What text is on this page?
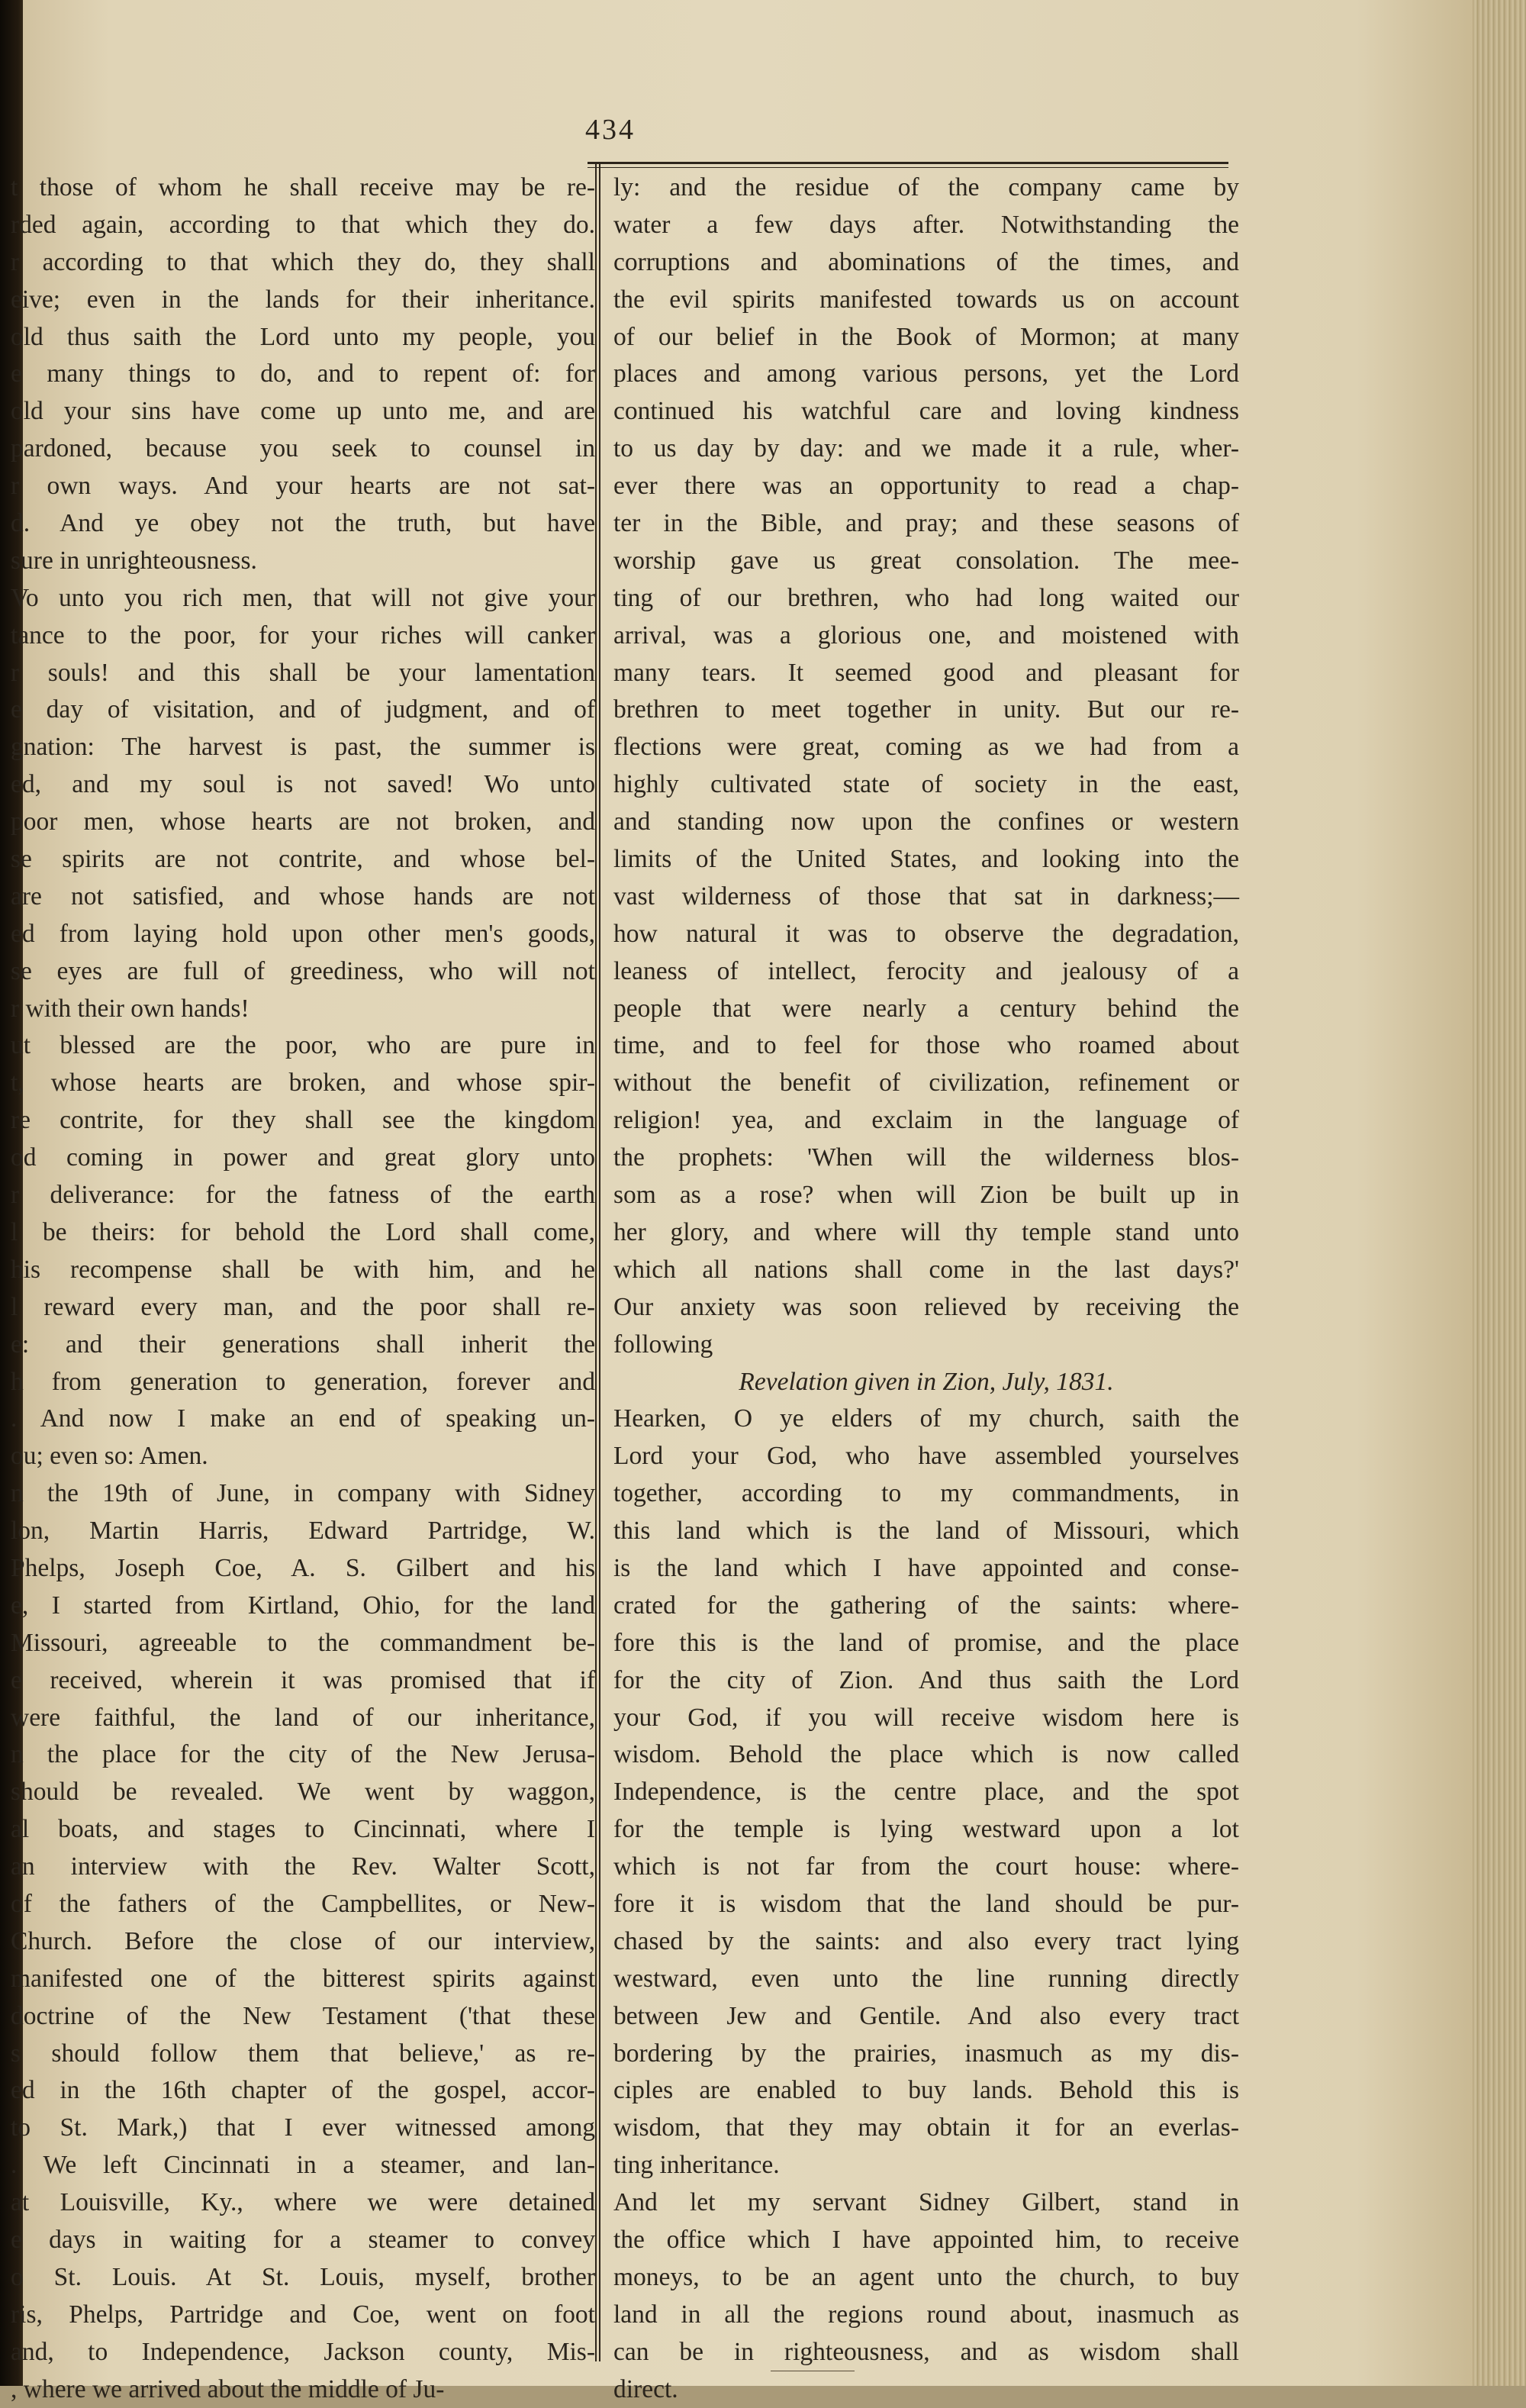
434
t those of whom he shall receive may be re-
rded again, according to that which they do.
r according to that which they do, they shall
eive; even in the lands for their inheritance.
old thus saith the Lord unto my people, you
e many things to do, and to repent of: for
old your sins have come up unto me, and are
pardoned, because you seek to counsel in
r own ways. And your hearts are not sat-
d. And ye obey not the truth, but have
sure in unrighteousness.
Vo unto you rich men, that will not give your
tance to the poor, for your riches will canker
r souls! and this shall be your lamentation
e day of visitation, and of judgment, and of
gnation: The harvest is past, the summer is
ed, and my soul is not saved! Wo unto
poor men, whose hearts are not broken, and
se spirits are not contrite, and whose bel-
are not satisfied, and whose hands are not
ed from laying hold upon other men's goods,
se eyes are full of greediness, who will not
r with their own hands!
ut blessed are the poor, who are pure in
t, whose hearts are broken, and whose spir-
re contrite, for they shall see the kingdom
od coming in power and great glory unto
r deliverance: for the fatness of the earth
l be theirs: for behold the Lord shall come,
his recompense shall be with him, and he
l reward every man, and the poor shall re-
e: and their generations shall inherit the
h from generation to generation, forever and
. And now I make an end of speaking un-
ou; even so: Amen.
n the 19th of June, in company with Sidney
lon, Martin Harris, Edward Partridge, W.
Phelps, Joseph Coe, A. S. Gilbert and his
e, I started from Kirtland, Ohio, for the land
Missouri, agreeable to the commandment be-
e received, wherein it was promised that if
were faithful, the land of our inheritance,
n the place for the city of the New Jerusa-
should be revealed. We went by waggon,
al boats, and stages to Cincinnati, where I
an interview with the Rev. Walter Scott,
of the fathers of the Campbellites, or New-
Church. Before the close of our interview,
manifested one of the bitterest spirits against
doctrine of the New Testament ('that these
s should follow them that believe,' as re-
ed in the 16th chapter of the gospel, accor-
to St. Mark,) that I ever witnessed among
. We left Cincinnati in a steamer, and lan-
at Louisville, Ky., where we were detained
e days in waiting for a steamer to convey
o St. Louis. At St. Louis, myself, brother
ris, Phelps, Partridge and Coe, went on foot
and, to Independence, Jackson county, Mis-
, where we arrived about the middle of Ju-
ly: and the residue of the company came by
water a few days after. Notwithstanding the
corruptions and abominations of the times, and
the evil spirits manifested towards us on account
of our belief in the Book of Mormon; at many
places and among various persons, yet the Lord
continued his watchful care and loving kindness
to us day by day: and we made it a rule, wher-
ever there was an opportunity to read a chap-
ter in the Bible, and pray; and these seasons of
worship gave us great consolation. The mee-
ting of our brethren, who had long waited our
arrival, was a glorious one, and moistened with
many tears. It seemed good and pleasant for
brethren to meet together in unity. But our re-
flections were great, coming as we had from a
highly cultivated state of society in the east,
and standing now upon the confines or western
limits of the United States, and looking into the
vast wilderness of those that sat in darkness;—
how natural it was to observe the degradation,
leaness of intellect, ferocity and jealousy of a
people that were nearly a century behind the
time, and to feel for those who roamed about
without the benefit of civilization, refinement or
religion! yea, and exclaim in the language of
the prophets: 'When will the wilderness blos-
som as a rose? when will Zion be built up in
her glory, and where will thy temple stand unto
which all nations shall come in the last days?'
Our anxiety was soon relieved by receiving the
following
Revelation given in Zion, July, 1831.
Hearken, O ye elders of my church, saith the
Lord your God, who have assembled yourselves
together, according to my commandments, in
this land which is the land of Missouri, which
is the land which I have appointed and conse-
crated for the gathering of the saints: where-
fore this is the land of promise, and the place
for the city of Zion. And thus saith the Lord
your God, if you will receive wisdom here is
wisdom. Behold the place which is now called
Independence, is the centre place, and the spot
for the temple is lying westward upon a lot
which is not far from the court house: where-
fore it is wisdom that the land should be pur-
chased by the saints: and also every tract lying
westward, even unto the line running directly
between Jew and Gentile. And also every tract
bordering by the prairies, inasmuch as my dis-
ciples are enabled to buy lands. Behold this is
wisdom, that they may obtain it for an everlas-
ting inheritance.
And let my servant Sidney Gilbert, stand in
the office which I have appointed him, to receive
moneys, to be an agent unto the church, to buy
land in all the regions round about, inasmuch as
can be in righteousness, and as wisdom shall
direct.
